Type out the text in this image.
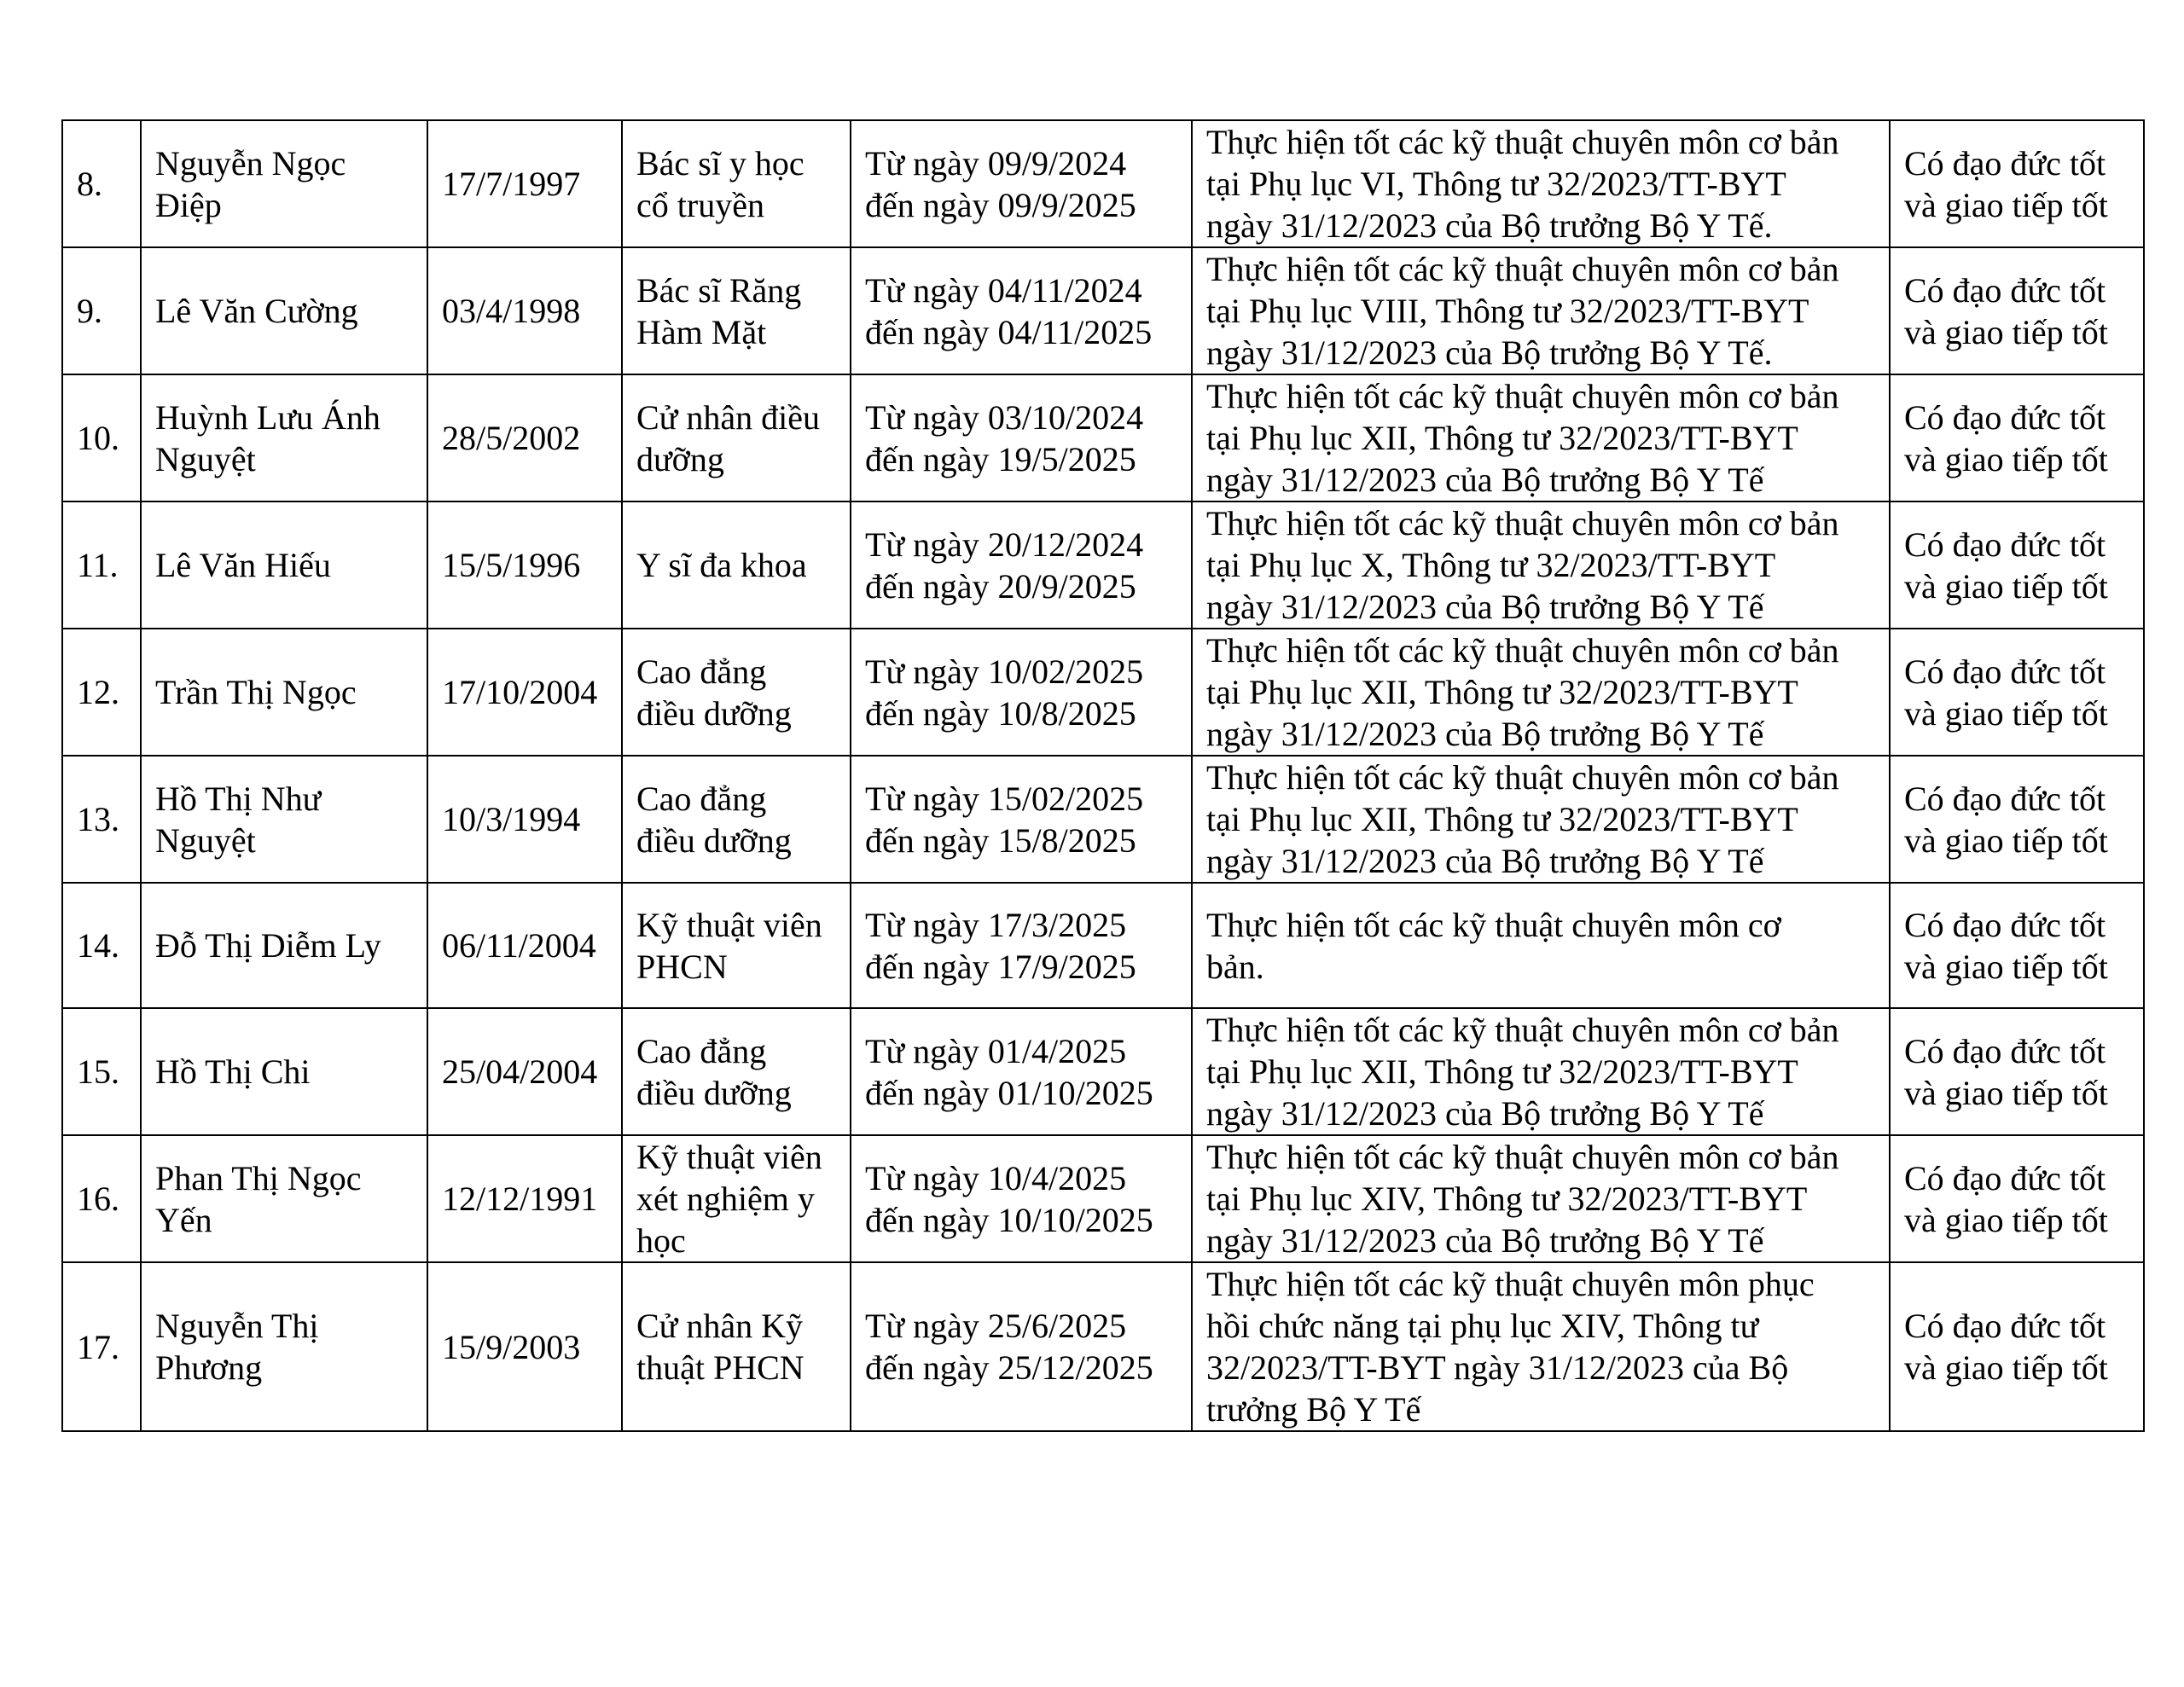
8.	Nguyễn Ngọc
Điệp	17/7/1997	Bác sĩ y học
cổ truyền	Từ ngày 09/9/2024
đến ngày 09/9/2025	Thực hiện tốt các kỹ thuật chuyên môn cơ bản
tại Phụ lục VI, Thông tư 32/2023/TT-BYT
ngày 31/12/2023 của Bộ trưởng Bộ Y Tế.	Có đạo đức tốt
và giao tiếp tốt

9.	Lê Văn Cường	03/4/1998	Bác sĩ Răng
Hàm Mặt	Từ ngày 04/11/2024
đến ngày 04/11/2025	Thực hiện tốt các kỹ thuật chuyên môn cơ bản
tại Phụ lục VIII, Thông tư 32/2023/TT-BYT
ngày 31/12/2023 của Bộ trưởng Bộ Y Tế.	Có đạo đức tốt
và giao tiếp tốt

10.	Huỳnh Lưu Ánh
Nguyệt	28/5/2002	Cử nhân điều
dưỡng	Từ ngày 03/10/2024
đến ngày 19/5/2025	Thực hiện tốt các kỹ thuật chuyên môn cơ bản
tại Phụ lục XII, Thông tư 32/2023/TT-BYT
ngày 31/12/2023 của Bộ trưởng Bộ Y Tế	Có đạo đức tốt
và giao tiếp tốt

11.	Lê Văn Hiếu	15/5/1996	Y sĩ đa khoa	Từ ngày 20/12/2024
đến ngày 20/9/2025	Thực hiện tốt các kỹ thuật chuyên môn cơ bản
tại Phụ lục X, Thông tư 32/2023/TT-BYT
ngày 31/12/2023 của Bộ trưởng Bộ Y Tế	Có đạo đức tốt
và giao tiếp tốt

12.	Trần Thị Ngọc	17/10/2004	Cao đẳng
điều dưỡng	Từ ngày 10/02/2025
đến ngày 10/8/2025	Thực hiện tốt các kỹ thuật chuyên môn cơ bản
tại Phụ lục XII, Thông tư 32/2023/TT-BYT
ngày 31/12/2023 của Bộ trưởng Bộ Y Tế	Có đạo đức tốt
và giao tiếp tốt

13.	Hồ Thị Như
Nguyệt	10/3/1994	Cao đẳng
điều dưỡng	Từ ngày 15/02/2025
đến ngày 15/8/2025	Thực hiện tốt các kỹ thuật chuyên môn cơ bản
tại Phụ lục XII, Thông tư 32/2023/TT-BYT
ngày 31/12/2023 của Bộ trưởng Bộ Y Tế	Có đạo đức tốt
và giao tiếp tốt

14.	Đỗ Thị Diễm Ly	06/11/2004	Kỹ thuật viên
PHCN	Từ ngày 17/3/2025
đến ngày 17/9/2025	Thực hiện tốt các kỹ thuật chuyên môn cơ
bản.	Có đạo đức tốt
và giao tiếp tốt

15.	Hồ Thị Chi	25/04/2004	Cao đẳng
điều dưỡng	Từ ngày 01/4/2025
đến ngày 01/10/2025	Thực hiện tốt các kỹ thuật chuyên môn cơ bản
tại Phụ lục XII, Thông tư 32/2023/TT-BYT
ngày 31/12/2023 của Bộ trưởng Bộ Y Tế	Có đạo đức tốt
và giao tiếp tốt

16.	Phan Thị Ngọc
Yến	12/12/1991	Kỹ thuật viên
xét nghiệm y
học	Từ ngày 10/4/2025
đến ngày 10/10/2025	Thực hiện tốt các kỹ thuật chuyên môn cơ bản
tại Phụ lục XIV, Thông tư 32/2023/TT-BYT
ngày 31/12/2023 của Bộ trưởng Bộ Y Tế	Có đạo đức tốt
và giao tiếp tốt

17.	Nguyễn Thị
Phương	15/9/2003	Cử nhân Kỹ
thuật PHCN	Từ ngày 25/6/2025
đến ngày 25/12/2025	Thực hiện tốt các kỹ thuật chuyên môn phục
hồi chức năng tại phụ lục XIV, Thông tư
32/2023/TT-BYT ngày 31/12/2023 của Bộ
trưởng Bộ Y Tế	Có đạo đức tốt
và giao tiếp tốt
